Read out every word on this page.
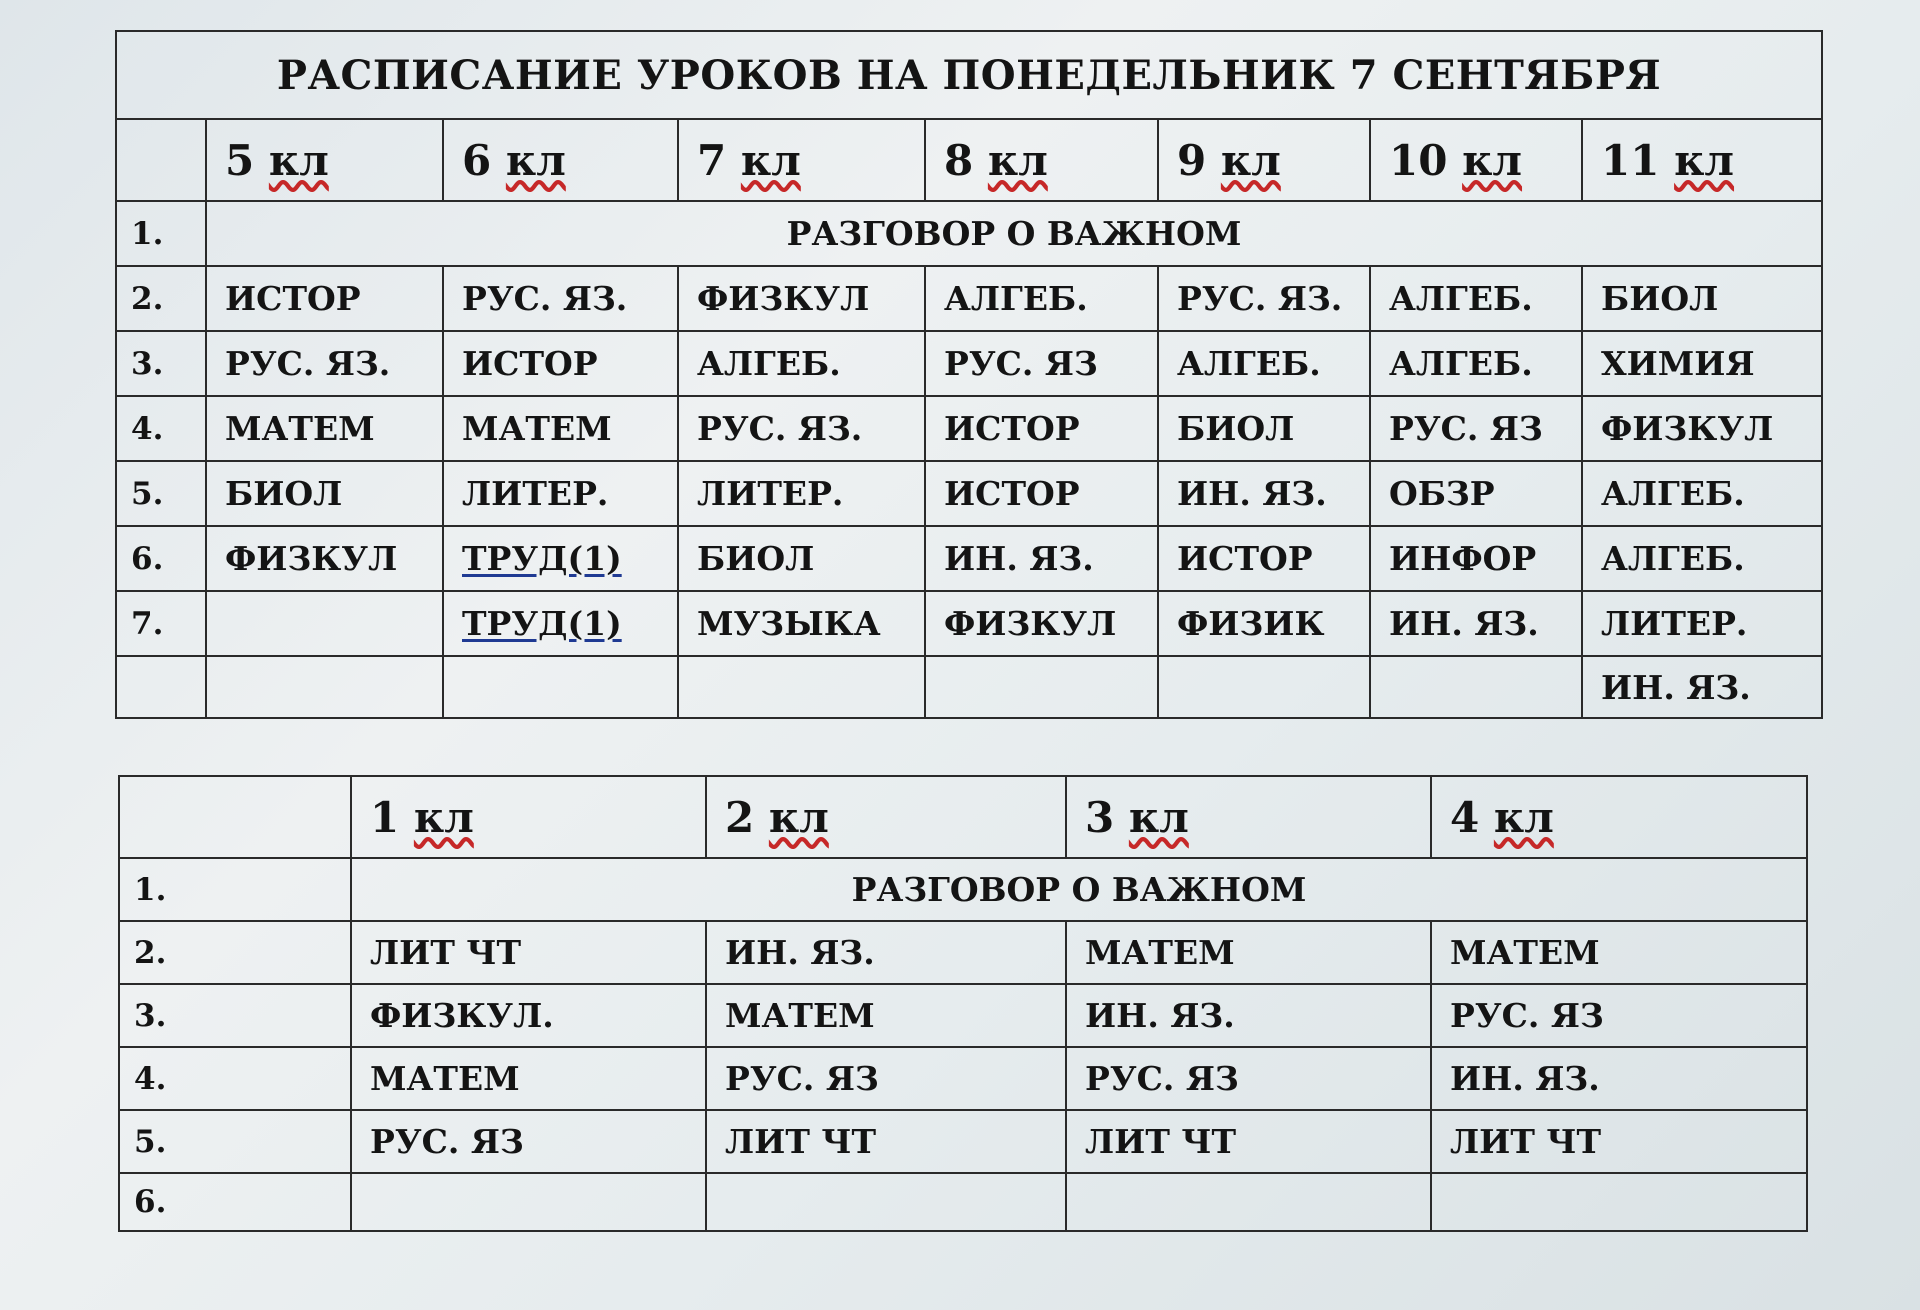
РАСПИСАНИЕ УРОКОВ НА ПОНЕДЕЛЬНИК 7 СЕНТЯБРЯ							
	5 кл	6 кл	7 кл	8 кл	9 кл	10 кл	11 кл
1.	РАЗГОВОР О ВАЖНОМ						
2.	ИСТОР	РУС. ЯЗ.	ФИЗКУЛ	АЛГЕБ.	РУС. ЯЗ.	АЛГЕБ.	БИОЛ
3.	РУС. ЯЗ.	ИСТОР	АЛГЕБ.	РУС. ЯЗ	АЛГЕБ.	АЛГЕБ.	ХИМИЯ
4.	МАТЕМ	МАТЕМ	РУС. ЯЗ.	ИСТОР	БИОЛ	РУС. ЯЗ	ФИЗКУЛ
5.	БИОЛ	ЛИТЕР.	ЛИТЕР.	ИСТОР	ИН. ЯЗ.	ОБЗР	АЛГЕБ.
6.	ФИЗКУЛ	ТРУД(1)	БИОЛ	ИН. ЯЗ.	ИСТОР	ИНФОР	АЛГЕБ.
7.		ТРУД(1)	МУЗЫКА	ФИЗКУЛ	ФИЗИК	ИН. ЯЗ.	ЛИТЕР.
							ИН. ЯЗ.
	1 кл	2 кл	3 кл	4 кл
1.	РАЗГОВОР О ВАЖНОМ			
2.	ЛИТ ЧТ	ИН. ЯЗ.	МАТЕМ	МАТЕМ
3.	ФИЗКУЛ.	МАТЕМ	ИН. ЯЗ.	РУС. ЯЗ
4.	МАТЕМ	РУС. ЯЗ	РУС. ЯЗ	ИН. ЯЗ.
5.	РУС. ЯЗ	ЛИТ ЧТ	ЛИТ ЧТ	ЛИТ ЧТ
6.				
